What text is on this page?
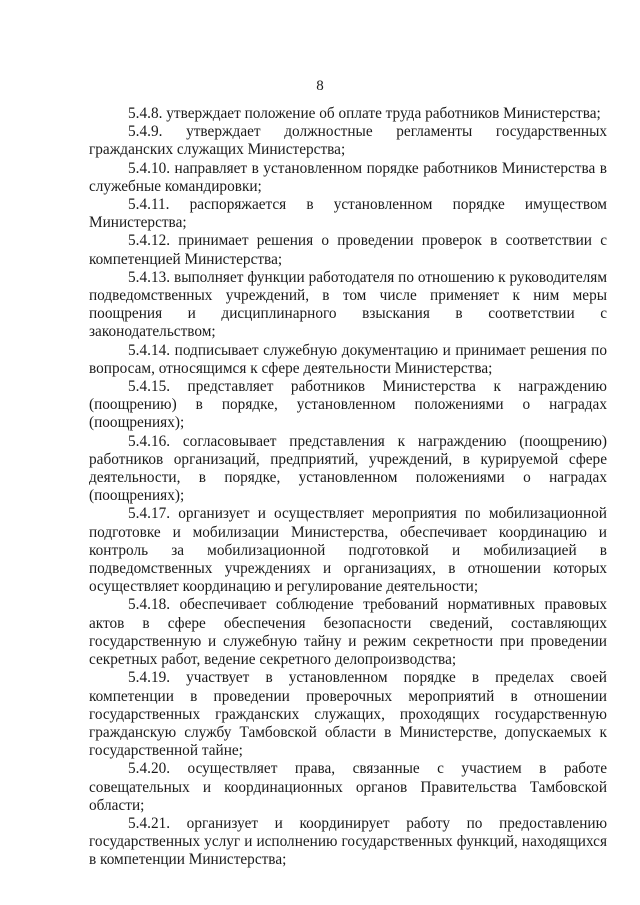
8

5.4.8. утверждает положение об оплате труда работников Министерства;

5.4.9. утверждает должностные регламенты государственных гражданских служащих Министерства;

5.4.10. направляет в установленном порядке работников Министерства в служебные командировки;

5.4.11. распоряжается в установленном порядке имуществом Министерства;

5.4.12. принимает решения о проведении проверок в соответствии с компетенцией Министерства;

5.4.13. выполняет функции работодателя по отношению к руководителям подведомственных учреждений, в том числе применяет к ним меры поощрения и дисциплинарного взыскания в соответствии с законодательством;

5.4.14. подписывает служебную документацию и принимает решения по вопросам, относящимся к сфере деятельности Министерства;

5.4.15. представляет работников Министерства к награждению (поощрению) в порядке, установленном положениями о наградах (поощрениях);

5.4.16. согласовывает представления к награждению (поощрению) работников организаций, предприятий, учреждений, в курируемой сфере деятельности, в порядке, установленном положениями о наградах (поощрениях);

5.4.17. организует и осуществляет мероприятия по мобилизационной подготовке и мобилизации Министерства, обеспечивает координацию и контроль за мобилизационной подготовкой и мобилизацией в подведомственных учреждениях и организациях, в отношении которых осуществляет координацию и регулирование деятельности;

5.4.18. обеспечивает соблюдение требований нормативных правовых актов в сфере обеспечения безопасности сведений, составляющих государственную и служебную тайну и режим секретности при проведении секретных работ, ведение секретного делопроизводства;

5.4.19. участвует в установленном порядке в пределах своей компетенции в проведении проверочных мероприятий в отношении государственных гражданских служащих, проходящих государственную гражданскую службу Тамбовской области в Министерстве, допускаемых к государственной тайне;

5.4.20. осуществляет права, связанные с участием в работе совещательных и координационных органов Правительства Тамбовской области;

5.4.21. организует и координирует работу по предоставлению государственных услуг и исполнению государственных функций, находящихся в компетенции Министерства;
